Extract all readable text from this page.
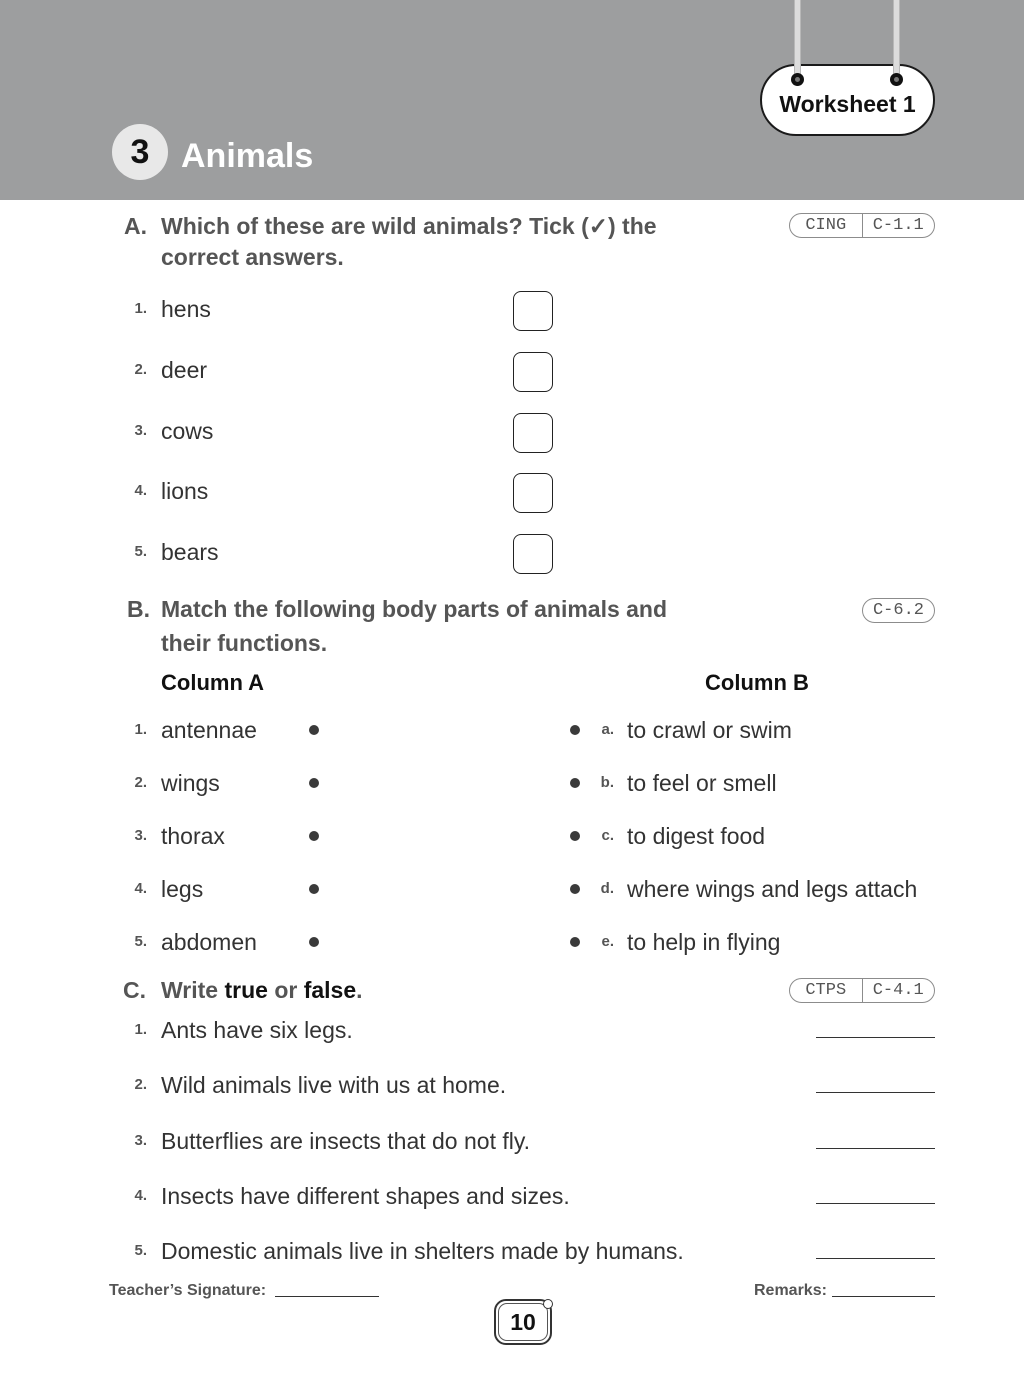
3 Animals
Worksheet 1
A. Which of these are wild animals? Tick (✓) the correct answers.
CING	C-1.1
1. hens
2. deer
3. cows
4. lions
5. bears
B. Match the following body parts of animals and their functions.
C-6.2
Column A	Column B
1. antennae	a. to crawl or swim
2. wings	b. to feel or smell
3. thorax	c. to digest food
4. legs	d. where wings and legs attach
5. abdomen	e. to help in flying
C. Write true or false.	CTPS	C-4.1
1. Ants have six legs.
2. Wild animals live with us at home.
3. Butterflies are insects that do not fly.
4. Insects have different shapes and sizes.
5. Domestic animals live in shelters made by humans.
Teacher’s Signature:	Remarks:
10
